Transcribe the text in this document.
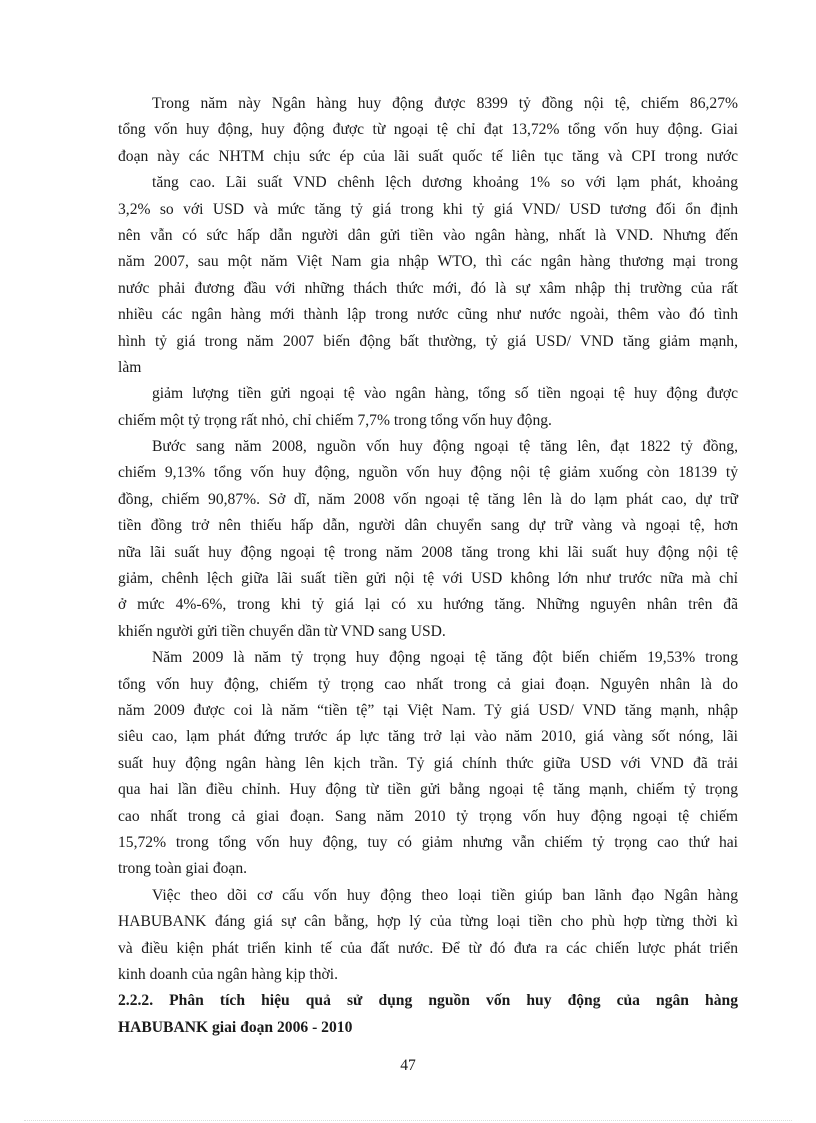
Trong năm này Ngân hàng huy động được 8399 tỷ đồng nội tệ, chiếm 86,27%
tổng vốn huy động, huy động được từ ngoại tệ chỉ đạt 13,72% tổng vốn huy động. Giai
đoạn này các NHTM chịu sức ép của lãi suất quốc tế liên tục tăng và CPI trong nước
tăng cao. Lãi suất VND chênh lệch dương khoảng 1% so với lạm phát, khoảng
3,2% so với USD và mức tăng tỷ giá trong khi tỷ giá VND/ USD tương đối ổn định
nên vẫn có sức hấp dẫn người dân gửi tiền vào ngân hàng, nhất là VND. Nhưng đến
năm 2007, sau một năm Việt Nam gia nhập WTO, thì các ngân hàng thương mại trong
nước phải đương đầu với những thách thức mới, đó là sự xâm nhập thị trường của rất
nhiều các ngân hàng mới thành lập trong nước cũng như nước ngoài, thêm vào đó tình
hình tỷ giá trong năm 2007 biến động bất thường, tỷ giá USD/ VND tăng giảm mạnh,
làm
giảm lượng tiền gửi ngoại tệ vào ngân hàng, tổng số tiền ngoại tệ huy động được
chiếm một tỷ trọng rất nhỏ, chỉ chiếm 7,7% trong tổng vốn huy động.
Bước sang năm 2008, nguồn vốn huy động ngoại tệ tăng lên, đạt 1822 tỷ đồng,
chiếm 9,13% tổng vốn huy động, nguồn vốn huy động nội tệ giảm xuống còn 18139 tỷ
đồng, chiếm 90,87%. Sở dĩ, năm 2008 vốn ngoại tệ tăng lên là do lạm phát cao, dự trữ
tiền đồng trở nên thiếu hấp dẫn, người dân chuyển sang dự trữ vàng và ngoại tệ, hơn
nữa lãi suất huy động ngoại tệ trong năm 2008 tăng trong khi lãi suất huy động nội tệ
giảm, chênh lệch giữa lãi suất tiền gửi nội tệ với USD không lớn như trước nữa mà chỉ
ở mức 4%-6%, trong khi tỷ giá lại có xu hướng tăng. Những nguyên nhân trên đã
khiến người gửi tiền chuyển dần từ VND sang USD.
Năm 2009 là năm tỷ trọng huy động ngoại tệ tăng đột biến chiếm 19,53% trong
tổng vốn huy động, chiếm tỷ trọng cao nhất trong cả giai đoạn. Nguyên nhân là do
năm 2009 được coi là năm “tiền tệ” tại Việt Nam. Tỷ giá USD/ VND tăng mạnh, nhập
siêu cao, lạm phát đứng trước áp lực tăng trở lại vào năm 2010, giá vàng sốt nóng, lãi
suất huy động ngân hàng lên kịch trần. Tỷ giá chính thức giữa USD với VND đã trải
qua hai lần điều chỉnh. Huy động từ tiền gửi bằng ngoại tệ tăng mạnh, chiếm tỷ trọng
cao nhất trong cả giai đoạn. Sang năm 2010 tỷ trọng vốn huy động ngoại tệ chiếm
15,72% trong tổng vốn huy động, tuy có giảm nhưng vẫn chiếm tỷ trọng cao thứ hai
trong toàn giai đoạn.
Việc theo dõi cơ cấu vốn huy động theo loại tiền giúp ban lãnh đạo Ngân hàng
HABUBANK đáng giá sự cân bằng, hợp lý của từng loại tiền cho phù hợp từng thời kì
và điều kiện phát triển kinh tế của đất nước. Để từ đó đưa ra các chiến lược phát triển
kinh doanh của ngân hàng kịp thời.
2.2.2. Phân tích hiệu quả sử dụng nguồn vốn huy động của ngân hàng
HABUBANK giai đoạn 2006 - 2010
47
